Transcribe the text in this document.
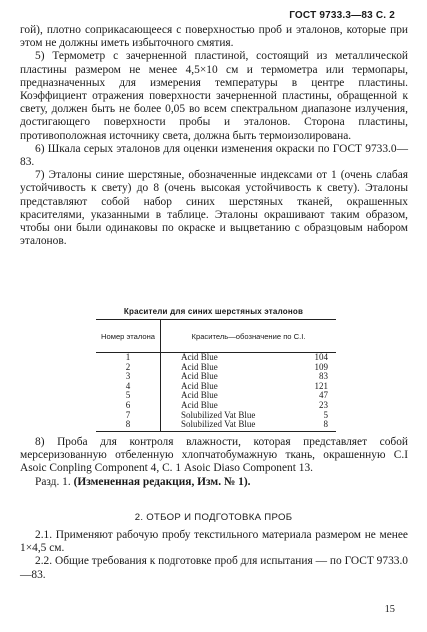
ГОСТ 9733.3—83 С. 2

гой), плотно соприкасающееся с поверхностью проб и эталонов, которые при этом не должны иметь избыточного смятия.

5) Термометр с зачерненной пластиной, состоящий из металлической пластины размером не менее 4,5×10 см и термометра или термопары, предназначенных для измерения температуры в центре пластины. Коэффициент отражения поверхности зачерненной пластины, обращенной к свету, должен быть не более 0,05 во всем спектральном диапазоне излучения, достигающего поверхности пробы и эталонов. Сторона пластины, противоположная источнику света, должна быть термоизолирована.

6) Шкала серых эталонов для оценки изменения окраски по ГОСТ 9733.0—83.

7) Эталоны синие шерстяные, обозначенные индексами от 1 (очень слабая устойчивость к свету) до 8 (очень высокая устойчивость к свету). Эталоны представляют собой набор синих шерстяных тканей, окрашенных красителями, указанными в таблице. Эталоны окрашивают таким образом, чтобы они были одинаковы по окраске и выцветанию с образцовым набором эталонов.

Красители для синих шерстяных эталонов
Номер эталона	Краситель—обозначение по С.І.	
1	Acid Blue	104
2	Acid Blue	109
3	Acid Blue	83
4	Acid Blue	121
5	Acid Blue	47
6	Acid Blue	23
7	Solubilized Vat Blue	5
8	Solubilized Vat Blue	8

8) Проба для контроля влажности, которая представляет собой мерсеризованную отбеленную хлопчатобумажную ткань, окрашенную С.І Asoic Conpling Component 4, С. 1 Asoic Diaso Component 13.

Разд. 1. (Измененная редакция, Изм. № 1).

2. ОТБОР И ПОДГОТОВКА ПРОБ

2.1. Применяют рабочую пробу текстильного материала размером не менее 1×4,5 см.

2.2. Общие требования к подготовке проб для испытания — по ГОСТ 9733.0—83.

15
